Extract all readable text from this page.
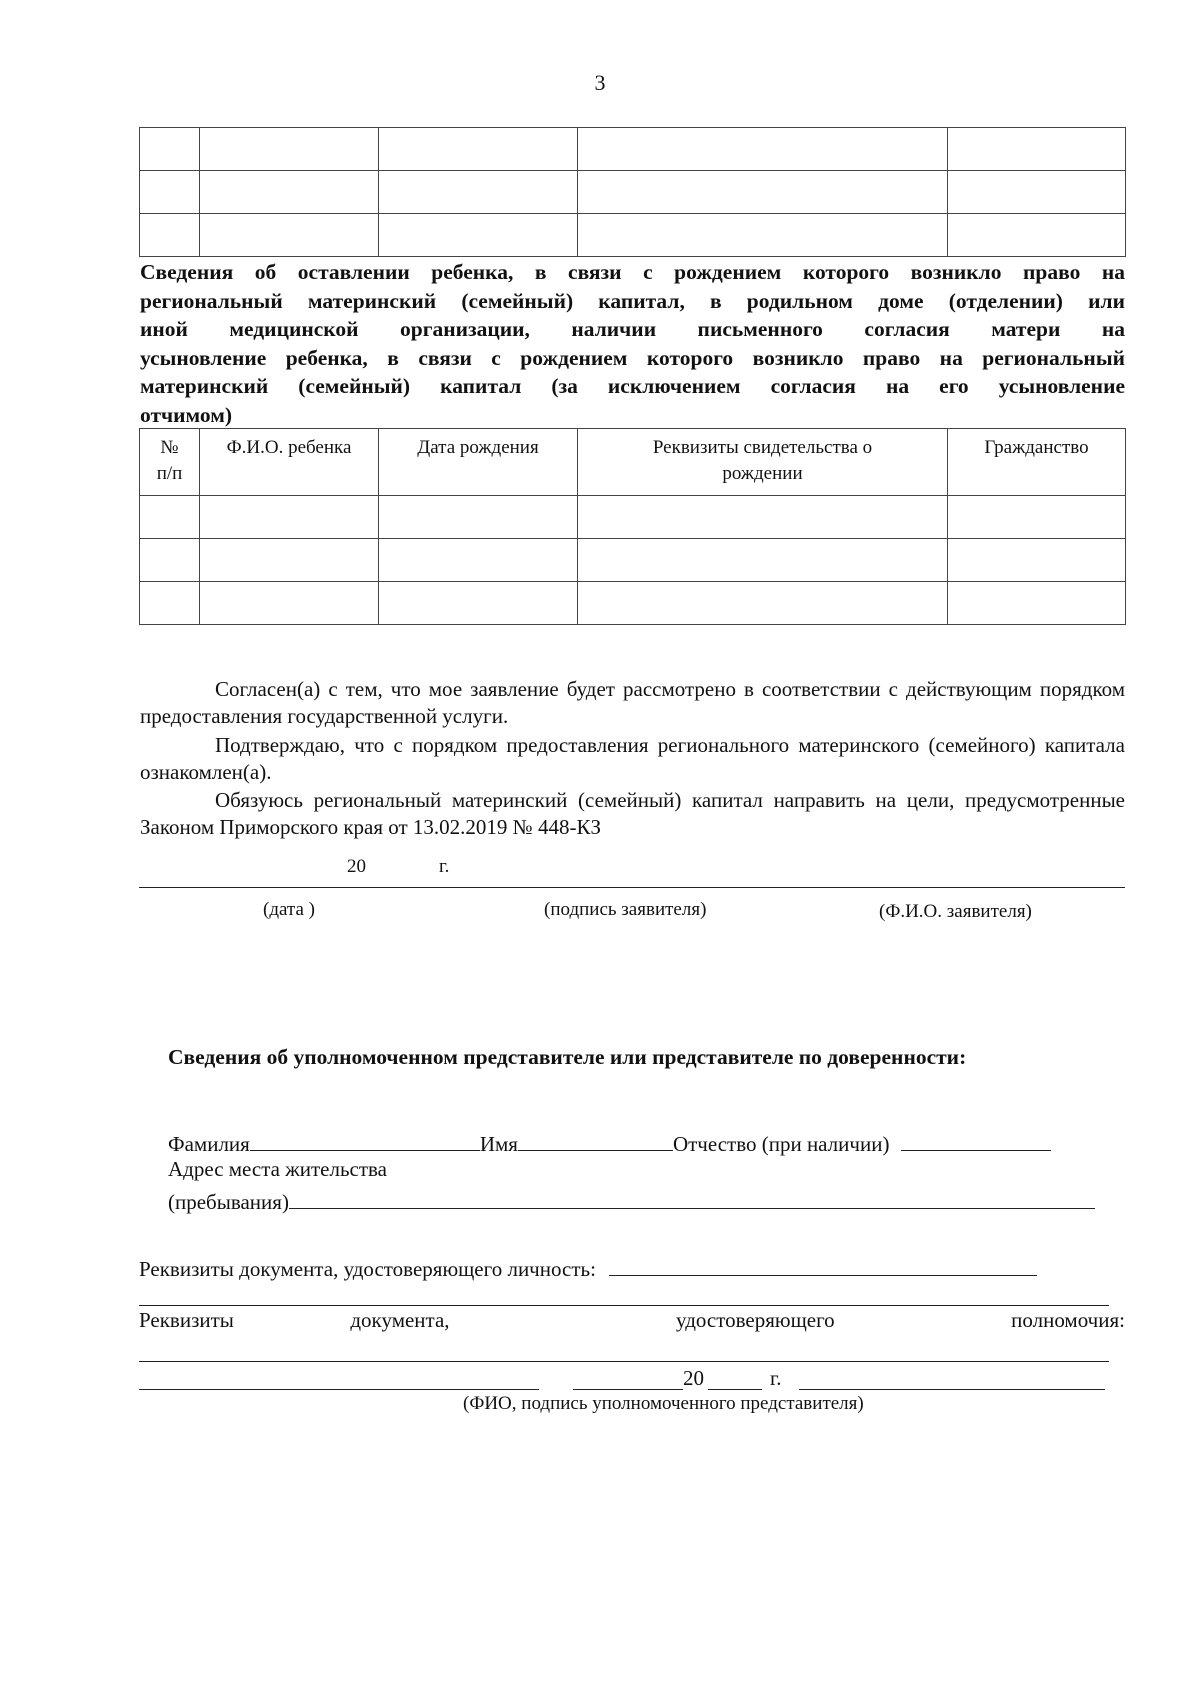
3

Сведения об оставлении ребенка, в связи с рождением которого возникло право на
региональный материнский (семейный) капитал, в родильном доме (отделении) или
иной медицинской организации, наличии письменного согласия матери на
усыновление ребенка, в связи с рождением которого возникло право на региональный
материнский (семейный) капитал (за исключением согласия на его усыновление
отчимом)
№
п/п	Ф.И.О. ребенка	Дата рождения	Реквизиты свидетельства о рождении	Гражданство

Согласен(а) с тем, что мое заявление будет рассмотрено в соответствии с действующим порядком предоставления государственной услуги.

Подтверждаю, что с порядком предоставления регионального материнского (семейного) капитала ознакомлен(а).

Обязуюсь региональный материнский (семейный) капитал направить на цели, предусмотренные Законом Приморского края от 13.02.2019 № 448-КЗ

20	г.
(дата )	(подпись заявителя)	(Ф.И.О. заявителя)
Сведения об уполномоченном представителе или представителе по доверенности:
Фамилия	Имя	Отчество (при наличии)
Адрес места жительства
(пребывания)
Реквизиты документа, удостоверяющего личность:
Реквизиты	документа,	удостоверяющего	полномочия:
20	г.
(ФИО, подпись уполномоченного представителя)
